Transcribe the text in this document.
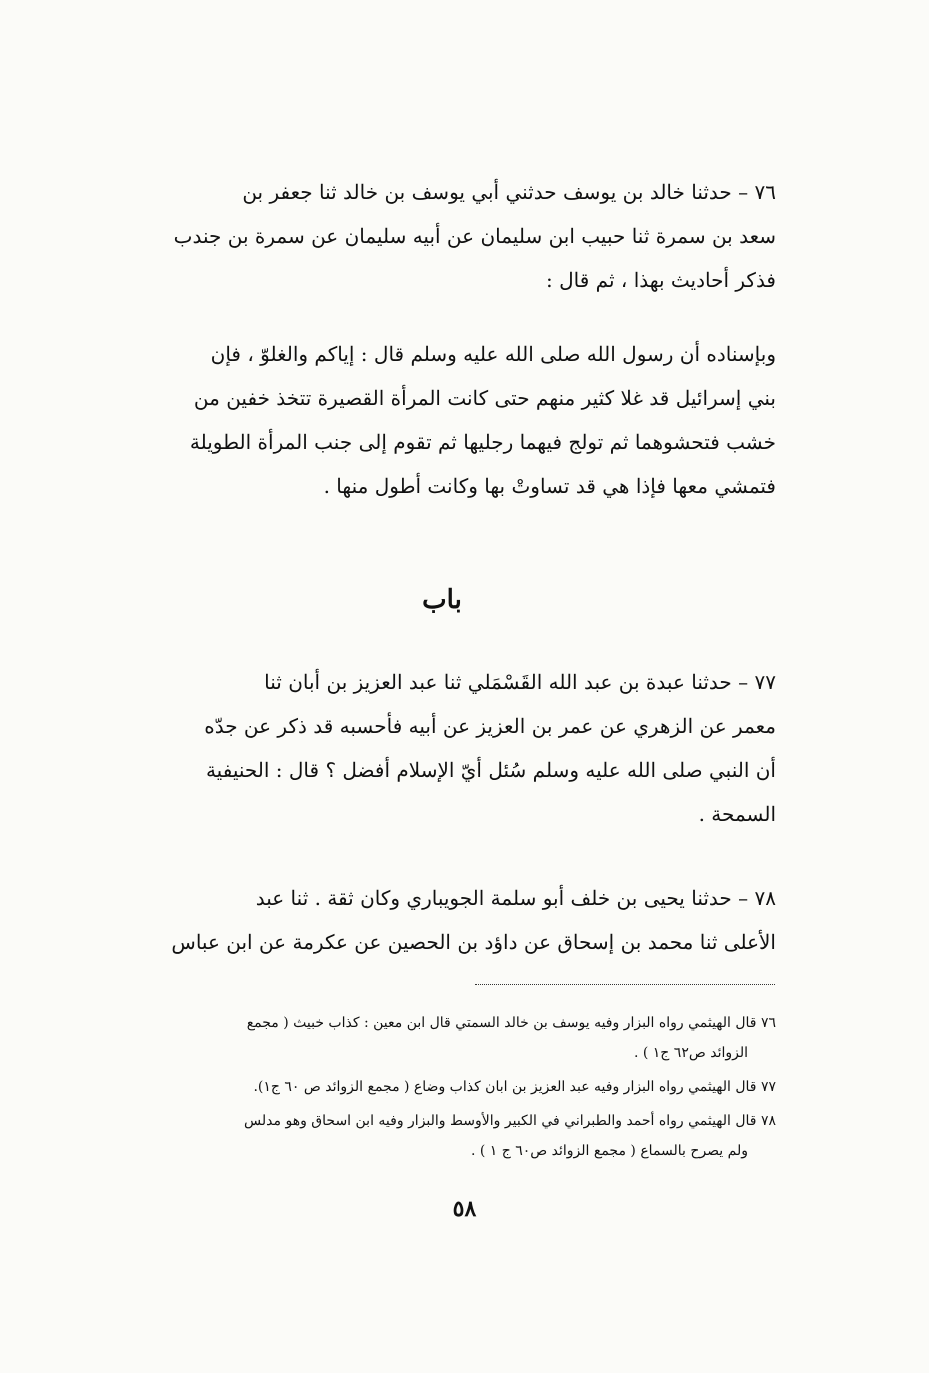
٧٦ – حدثنا خالد بن يوسف حدثني أبي يوسف بن خالد ثنا جعفر بن
سعد بن سمرة ثنا حبيب ابن سليمان عن أبيه سليمان عن سمرة بن جندب
فذكر أحاديث بهذا ، ثم قال :

وبإسناده أن رسول الله صلى الله عليه وسلم قال : إياكم والغلوّ ، فإن
بني إسرائيل قد غلا كثير منهم حتى كانت المرأة القصيرة تتخذ خفين من
خشب فتحشوهما ثم تولج فيهما رجليها ثم تقوم إلى جنب المرأة الطويلة
فتمشي معها فإذا هي قد تساوتْ بها وكانت أطول منها .

باب

٧٧ – حدثنا عبدة بن عبد الله القَسْمَلي ثنا عبد العزيز بن أبان ثنا
معمر عن الزهري عن عمر بن العزيز عن أبيه فأحسبه قد ذكر عن جدّه
أن النبي صلى الله عليه وسلم سُئل أيّ الإسلام أفضل ؟ قال : الحنيفية
السمحة .

٧٨ – حدثنا يحيى بن خلف أبو سلمة الجويباري وكان ثقة . ثنا عبد
الأعلى ثنا محمد بن إسحاق عن داؤد بن الحصين عن عكرمة عن ابن عباس

٧٦ قال الهيثمي رواه البزار وفيه يوسف بن خالد السمتي قال ابن معين : كذاب خبيث ( مجمع
الزوائد ص٦٢ ج١ ) .

٧٧ قال الهيثمي رواه البزار وفيه عبد العزيز بن ابان كذاب وضاع ( مجمع الزوائد ص ٦٠ ج١).

٧٨ قال الهيثمي رواه أحمد والطبراني في الكبير والأوسط والبزار وفيه ابن اسحاق وهو مدلس
ولم يصرح بالسماع ( مجمع الزوائد ص٦٠ ج ١ ) .

٥٨
